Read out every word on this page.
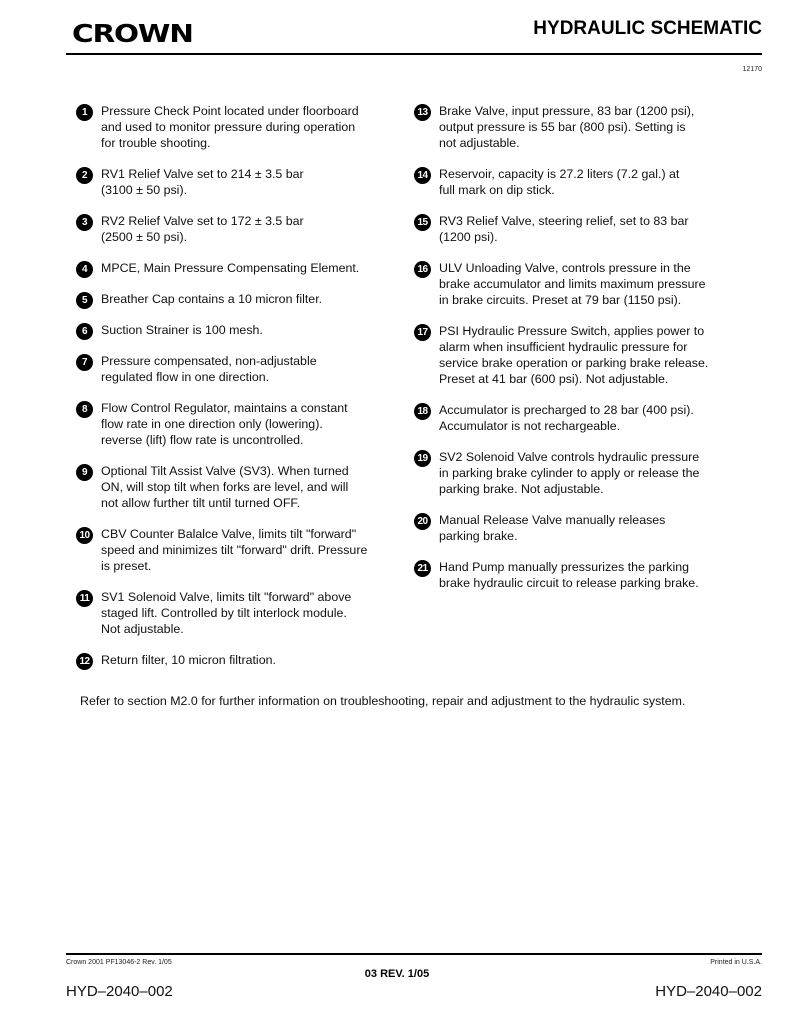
CROWN	HYDRAULIC SCHEMATIC
12170
1	Pressure Check Point located under floorboard
and used to monitor pressure during operation
for trouble shooting.
2	RV1 Relief Valve set to 214 ± 3.5 bar
(3100 ± 50 psi).
3	RV2 Relief Valve set to 172 ± 3.5 bar
(2500 ± 50 psi).
4	MPCE, Main Pressure Compensating Element.
5	Breather Cap contains a 10 micron filter.
6	Suction Strainer is 100 mesh.
7	Pressure compensated, non-adjustable
regulated flow in one direction.
8	Flow Control Regulator, maintains a constant
flow rate in one direction only (lowering).
reverse (lift) flow rate is uncontrolled.
9	Optional Tilt Assist Valve (SV3). When turned
ON, will stop tilt when forks are level, and will
not allow further tilt until turned OFF.
10 CBV Counter Balalce Valve, limits tilt "forward"
speed and minimizes tilt "forward" drift. Pressure
is preset.
11 SV1 Solenoid Valve, limits tilt "forward" above
staged lift. Controlled by tilt interlock module.
Not adjustable.
12 Return filter, 10 micron filtration.
13 Brake Valve, input pressure, 83 bar (1200 psi),
output pressure is 55 bar (800 psi). Setting is
not adjustable.
14 Reservoir, capacity is 27.2 liters (7.2 gal.) at
full mark on dip stick.
15 RV3 Relief Valve, steering relief, set to 83 bar
(1200 psi).
16 ULV Unloading Valve, controls pressure in the
brake accumulator and limits maximum pressure
in brake circuits. Preset at 79 bar (1150 psi).
17 PSI Hydraulic Pressure Switch, applies power to
alarm when insufficient hydraulic pressure for
service brake operation or parking brake release.
Preset at 41 bar (600 psi). Not adjustable.
18 Accumulator is precharged to 28 bar (400 psi).
Accumulator is not rechargeable.
19 SV2 Solenoid Valve controls hydraulic pressure
in parking brake cylinder to apply or release the
parking brake. Not adjustable.
20 Manual Release Valve manually releases
parking brake.
21 Hand Pump manually pressurizes the parking
brake hydraulic circuit to release parking brake.
Refer to section M2.0 for further information on troubleshooting, repair and adjustment to the hydraulic system.
Crown 2001 PF13046-2 Rev. 1/05	Printed in U.S.A.
03 REV. 1/05
HYD–2040–002	HYD–2040–002
